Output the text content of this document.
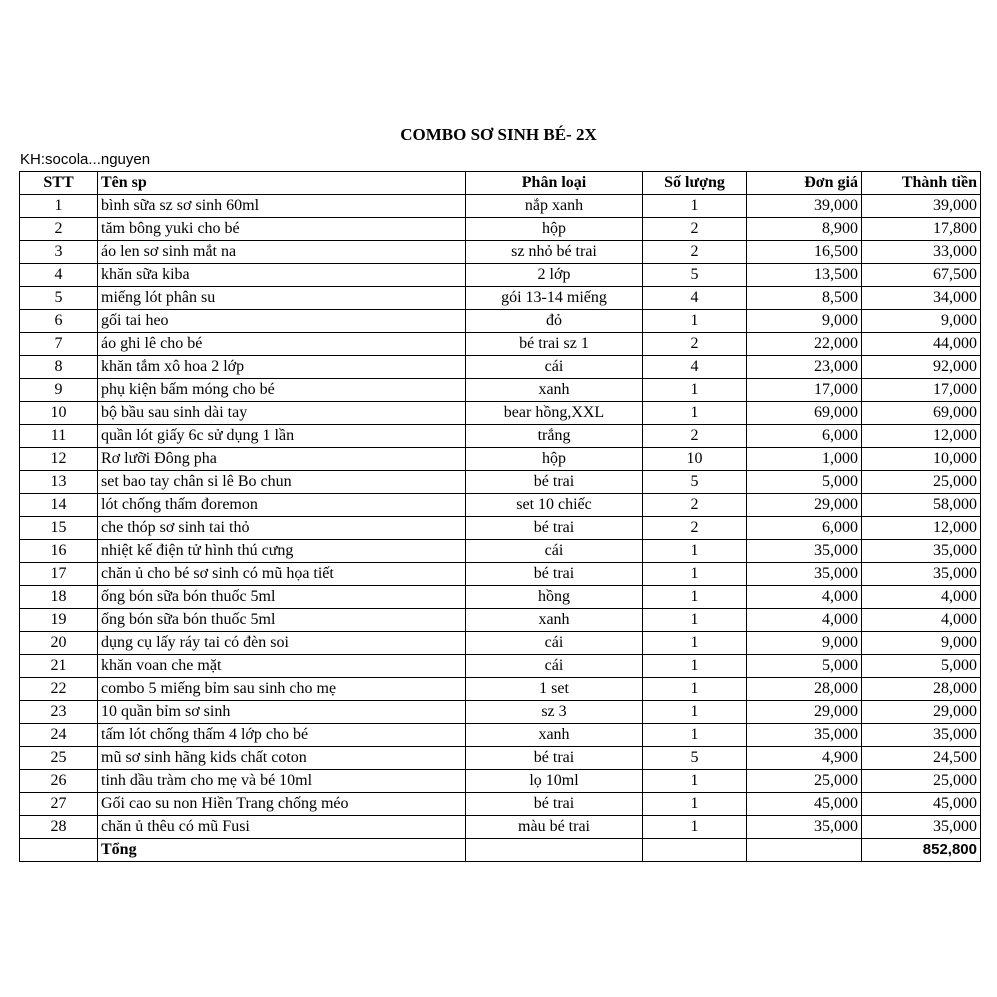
COMBO SƠ SINH BÉ- 2X
KH:socola...nguyen
STT	Tên sp	Phân loại	Số lượng	Đơn giá	Thành tiền
1	bình sữa sz sơ sinh 60ml	nắp xanh	1	39,000	39,000
2	tăm bông yuki cho bé	hộp	2	8,900	17,800
3	áo len sơ sinh mắt na	sz nhỏ bé trai	2	16,500	33,000
4	khăn sữa kiba	2 lớp	5	13,500	67,500
5	miếng lót phân su	gói 13-14 miếng	4	8,500	34,000
6	gối tai heo	đỏ	1	9,000	9,000
7	áo ghi lê cho bé	bé trai sz 1	2	22,000	44,000
8	khăn tắm xô hoa 2 lớp	cái	4	23,000	92,000
9	phụ kiện bấm móng cho bé	xanh	1	17,000	17,000
10	bộ bầu sau sinh dài tay	bear hồng,XXL	1	69,000	69,000
11	quần lót giấy 6c sử dụng 1 lần	trắng	2	6,000	12,000
12	Rơ lưỡi Đông pha	hộp	10	1,000	10,000
13	set bao tay chân si lê Bo chun	bé trai	5	5,000	25,000
14	lót chống thấm đoremon	set 10 chiếc	2	29,000	58,000
15	che thóp sơ sinh tai thỏ	bé trai	2	6,000	12,000
16	nhiệt kế điện tử hình thú cưng	cái	1	35,000	35,000
17	chăn ủ cho bé sơ sinh có mũ họa tiết	bé trai	1	35,000	35,000
18	ống bón sữa bón thuốc 5ml	hồng	1	4,000	4,000
19	ống bón sữa bón thuốc 5ml	xanh	1	4,000	4,000
20	dụng cụ lấy ráy tai có đèn soi	cái	1	9,000	9,000
21	khăn voan che mặt	cái	1	5,000	5,000
22	combo 5 miếng bỉm sau sinh cho mẹ	1 set	1	28,000	28,000
23	10 quần bỉm sơ sinh	sz 3	1	29,000	29,000
24	tấm lót chống thấm 4 lớp cho bé	xanh	1	35,000	35,000
25	mũ sơ sinh hãng kids chất coton	bé trai	5	4,900	24,500
26	tinh dầu tràm cho mẹ và bé 10ml	lọ 10ml	1	25,000	25,000
27	Gối cao su non Hiền Trang chống méo	bé trai	1	45,000	45,000
28	chăn ủ thêu có mũ Fusi	màu bé trai	1	35,000	35,000
	Tổng				852,800
